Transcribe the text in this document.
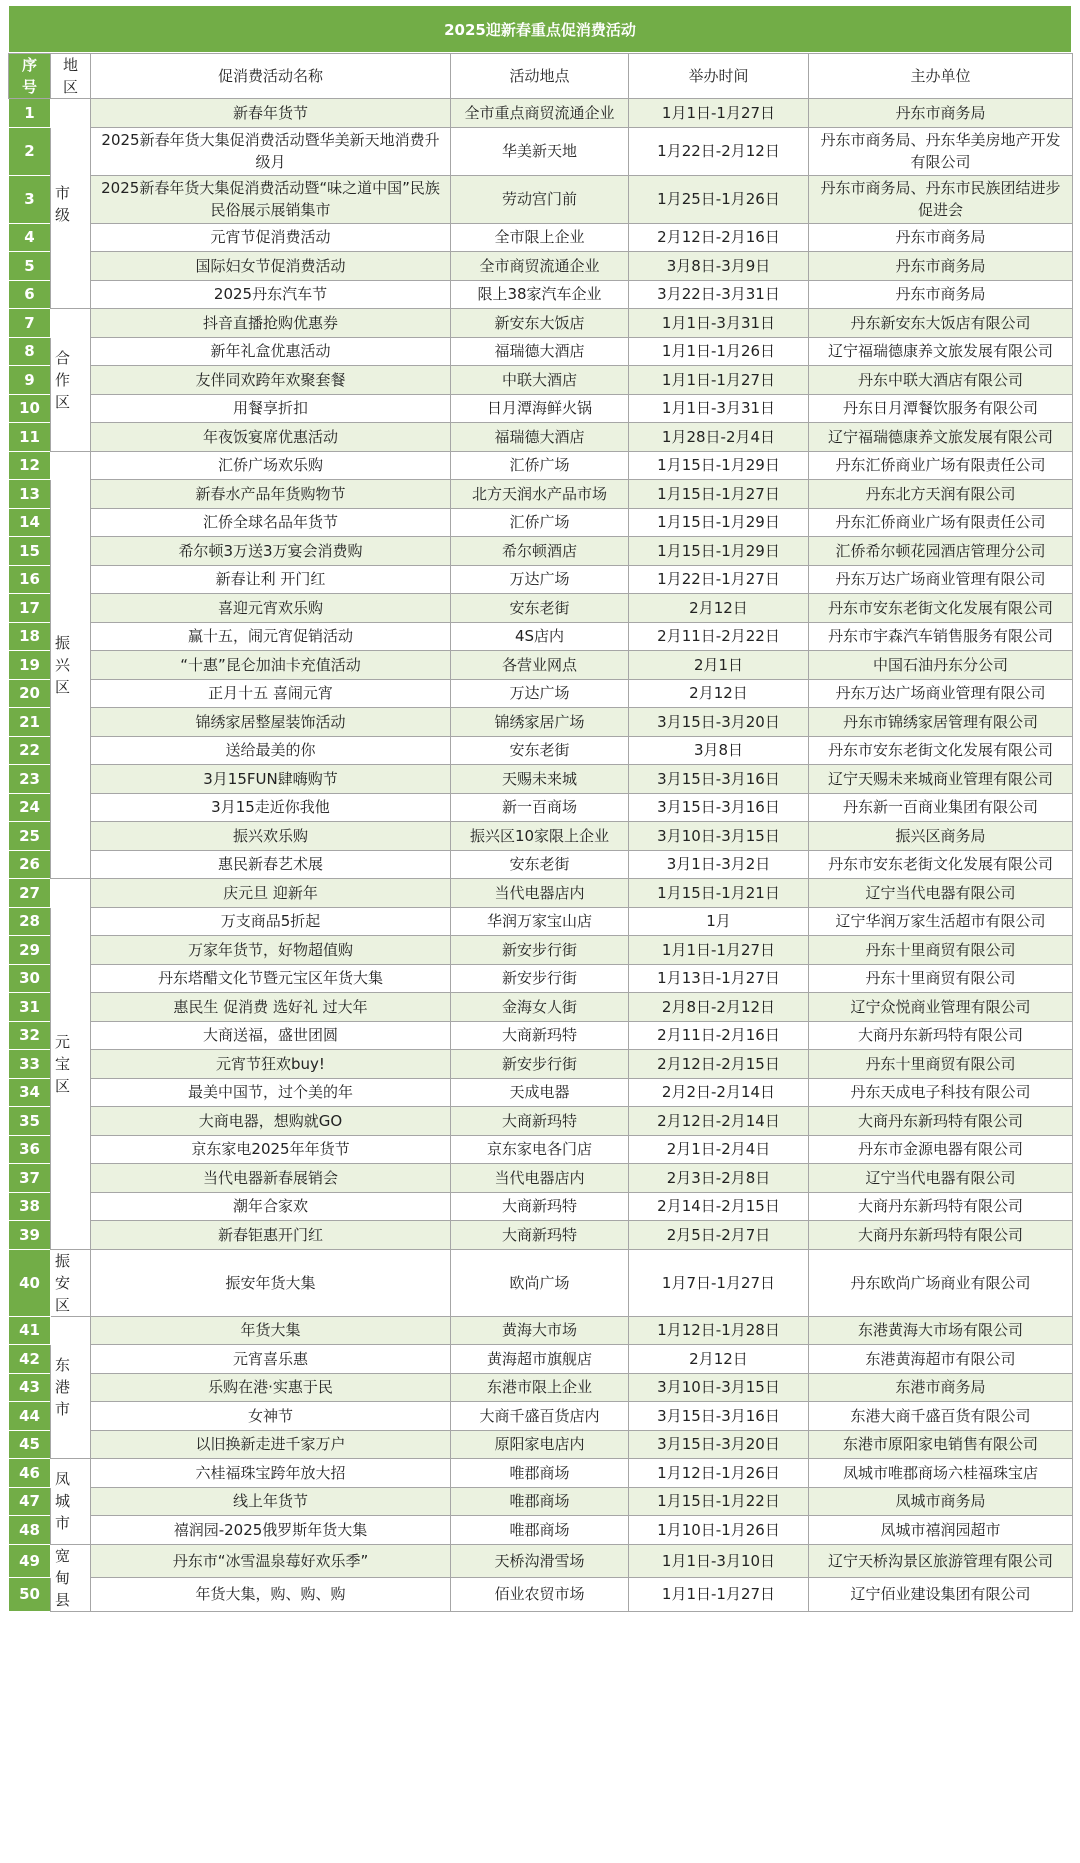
2025迎新春重点促消费活动
序号	地区	促消费活动名称	活动地点	举办时间	主办单位
1	市级	新春年货节	全市重点商贸流通企业	1月1日-1月27日	丹东市商务局
2		2025新春年货大集促消费活动暨华美新天地消费升级月	华美新天地	1月22日-2月12日	丹东市商务局、丹东华美房地产开发有限公司
3		2025新春年货大集促消费活动暨“味之道中国”民族民俗展示展销集市	劳动宫门前	1月25日-1月26日	丹东市商务局、丹东市民族团结进步促进会
4		元宵节促消费活动	全市限上企业	2月12日-2月16日	丹东市商务局
5		国际妇女节促消费活动	全市商贸流通企业	3月8日-3月9日	丹东市商务局
6		2025丹东汽车节	限上38家汽车企业	3月22日-3月31日	丹东市商务局
7	合作区	抖音直播抢购优惠券	新安东大饭店	1月1日-3月31日	丹东新安东大饭店有限公司
8		新年礼盒优惠活动	福瑞德大酒店	1月1日-1月26日	辽宁福瑞德康养文旅发展有限公司
9		友伴同欢跨年欢聚套餐	中联大酒店	1月1日-1月27日	丹东中联大酒店有限公司
10		用餐享折扣	日月潭海鲜火锅	1月1日-3月31日	丹东日月潭餐饮服务有限公司
11		年夜饭宴席优惠活动	福瑞德大酒店	1月28日-2月4日	辽宁福瑞德康养文旅发展有限公司
12	振兴区	汇侨广场欢乐购	汇侨广场	1月15日-1月29日	丹东汇侨商业广场有限责任公司
13		新春水产品年货购物节	北方天润水产品市场	1月15日-1月27日	丹东北方天润有限公司
14		汇侨全球名品年货节	汇侨广场	1月15日-1月29日	丹东汇侨商业广场有限责任公司
15		希尔顿3万送3万宴会消费购	希尔顿酒店	1月15日-1月29日	汇侨希尔顿花园酒店管理分公司
16		新春让利 开门红	万达广场	1月22日-1月27日	丹东万达广场商业管理有限公司
17		喜迎元宵欢乐购	安东老街	2月12日	丹东市安东老街文化发展有限公司
18		赢十五，闹元宵促销活动	4S店内	2月11日-2月22日	丹东市宇森汽车销售服务有限公司
19		“十惠”昆仑加油卡充值活动	各营业网点	2月1日	中国石油丹东分公司
20		正月十五 喜闹元宵	万达广场	2月12日	丹东万达广场商业管理有限公司
21		锦绣家居整屋装饰活动	锦绣家居广场	3月15日-3月20日	丹东市锦绣家居管理有限公司
22		送给最美的你	安东老街	3月8日	丹东市安东老街文化发展有限公司
23		3月15FUN肆嗨购节	天赐未来城	3月15日-3月16日	辽宁天赐未来城商业管理有限公司
24		3月15走近你我他	新一百商场	3月15日-3月16日	丹东新一百商业集团有限公司
25		振兴欢乐购	振兴区10家限上企业	3月10日-3月15日	振兴区商务局
26		惠民新春艺术展	安东老街	3月1日-3月2日	丹东市安东老街文化发展有限公司
27	元宝区	庆元旦 迎新年	当代电器店内	1月15日-1月21日	辽宁当代电器有限公司
28		万支商品5折起	华润万家宝山店	1月	辽宁华润万家生活超市有限公司
29		万家年货节，好物超值购	新安步行街	1月1日-1月27日	丹东十里商贸有限公司
30		丹东塔醋文化节暨元宝区年货大集	新安步行街	1月13日-1月27日	丹东十里商贸有限公司
31		惠民生 促消费 选好礼 过大年	金海女人街	2月8日-2月12日	辽宁众悦商业管理有限公司
32		大商送福，盛世团圆	大商新玛特	2月11日-2月16日	大商丹东新玛特有限公司
33		元宵节狂欢buy!	新安步行街	2月12日-2月15日	丹东十里商贸有限公司
34		最美中国节，过个美的年	天成电器	2月2日-2月14日	丹东天成电子科技有限公司
35		大商电器，想购就GO	大商新玛特	2月12日-2月14日	大商丹东新玛特有限公司
36		京东家电2025年年货节	京东家电各门店	2月1日-2月4日	丹东市金源电器有限公司
37		当代电器新春展销会	当代电器店内	2月3日-2月8日	辽宁当代电器有限公司
38		潮年合家欢	大商新玛特	2月14日-2月15日	大商丹东新玛特有限公司
39		新春钜惠开门红	大商新玛特	2月5日-2月7日	大商丹东新玛特有限公司
40	振安区	振安年货大集	欧尚广场	1月7日-1月27日	丹东欧尚广场商业有限公司
41	东港市	年货大集	黄海大市场	1月12日-1月28日	东港黄海大市场有限公司
42		元宵喜乐惠	黄海超市旗舰店	2月12日	东港黄海超市有限公司
43		乐购在港·实惠于民	东港市限上企业	3月10日-3月15日	东港市商务局
44		女神节	大商千盛百货店内	3月15日-3月16日	东港大商千盛百货有限公司
45		以旧换新走进千家万户	原阳家电店内	3月15日-3月20日	东港市原阳家电销售有限公司
46	凤城市	六桂福珠宝跨年放大招	唯郡商场	1月12日-1月26日	凤城市唯郡商场六桂福珠宝店
47		线上年货节	唯郡商场	1月15日-1月22日	凤城市商务局
48		禧润园-2025俄罗斯年货大集	唯郡商场	1月10日-1月26日	凤城市禧润园超市
49	宽甸县	丹东市“冰雪温泉莓好欢乐季”	天桥沟滑雪场	1月1日-3月10日	辽宁天桥沟景区旅游管理有限公司
50		年货大集，购、购、购	佰业农贸市场	1月1日-1月27日	辽宁佰业建设集团有限公司
